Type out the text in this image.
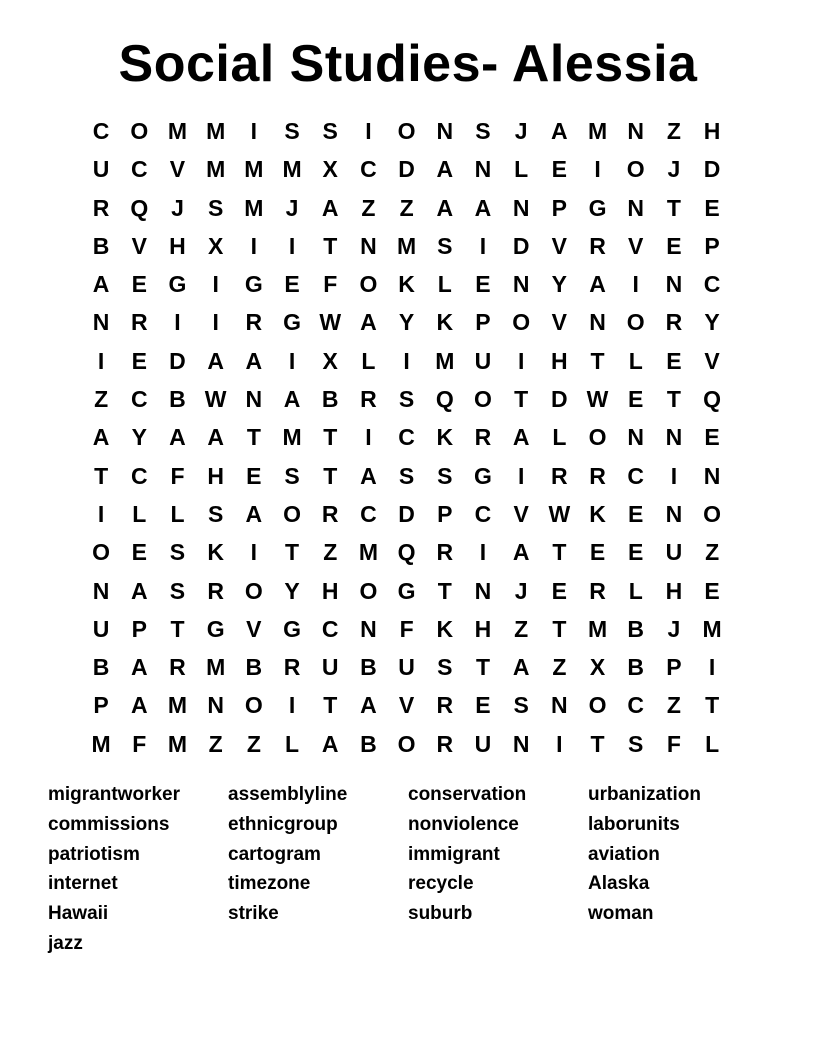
Social Studies- Alessia
C O M M	I	S S	I	O N S	J	A M N Z H
U C V M M M X C D A N L	E	I	O J	D
R Q J	S M J	A Z	Z A A N P G N T	E
B V H X	I	I	T N M S	I	D V R V E P
A E G	I	G E	F O K L	E N Y A	I	N C
N R	I	I	R G W A Y K P O V N O R Y
I	E D A A	I	X	L	I	M U	I	H T	L	E V
Z C B W N A B R S Q O T D W E	T Q
A Y A A T M T	I	C K R A L O N N E
T C F H E S	T A S S G	I	R R C	I	N
I	L	L	S A O R C D P C V W K E N O
O E S K	I	T	Z M Q R	I	A T	E E U Z
N A S R O Y H O G T N	J	E R L H E
U P	T G V G C N F K H Z	T M B	J M
B A R M B R U B U S	T A Z	X B P	I
P A M N O	I	T A V R E S N O C Z	T
M F M Z	Z	L A B O R U N	I	T	S	F	L
migrantworker	assemblyline	conservation	urbanization
commissions	ethnicgroup	nonviolence	laborunits
patriotism	cartogram	immigrant	aviation
internet	timezone	recycle	Alaska
Hawaii	strike	suburb	woman
jazz
